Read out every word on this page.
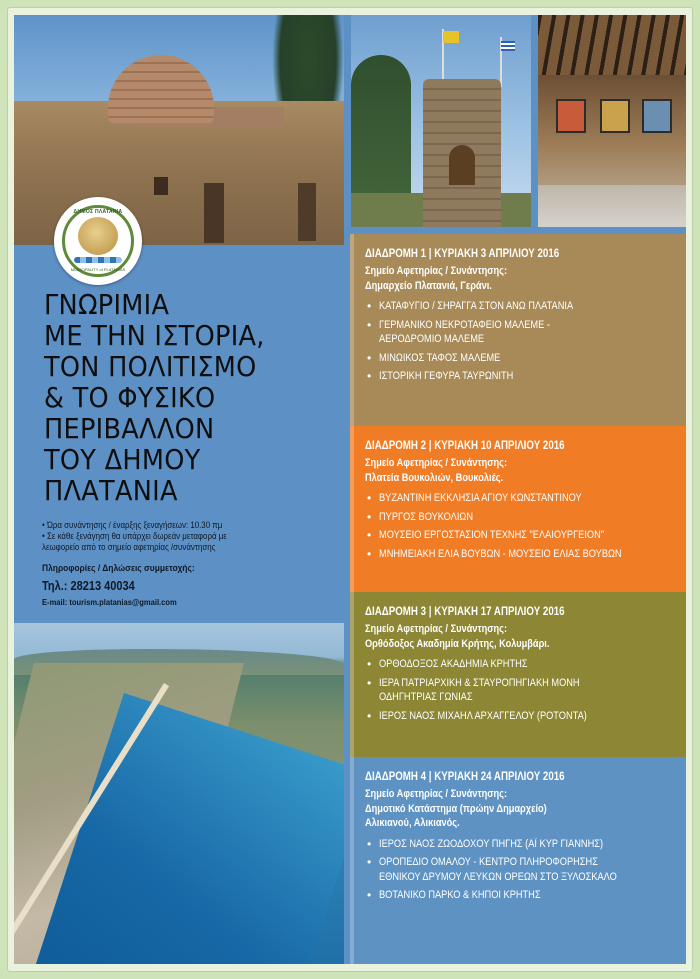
ΔΗΜΟΣ ΠΛΑΤΑΝΙΑ
MUNICIPALITY of PLATANIAS
ΓΝΩΡΙΜΙΑ
ΜΕ ΤΗΝ ΙΣΤΟΡΙΑ,
ΤΟΝ ΠΟΛΙΤΙΣΜΟ
& ΤΟ ΦΥΣΙΚΟ
ΠΕΡΙΒΑΛΛΟΝ
ΤΟΥ ΔΗΜΟΥ
ΠΛΑΤΑΝΙΑ
• Ώρα συνάντησης / έναρξης ξεναγήσεων: 10.30 πμ
• Σε κάθε ξενάγηση θα υπάρχει δωρεάν μεταφορά με
λεωφορείο από το σημείο αφετηρίας /συνάντησης
Πληροφορίες / Δηλώσεις συμμετοχής:
Τηλ.: 28213 40034
E-mail: tourism.platanias@gmail.com
ΔΙΑΔΡΟΜΗ 1 | ΚΥΡΙΑΚΗ 3 ΑΠΡΙΛΙΟΥ 2016
Σημείο Αφετηρίας / Συνάντησης:
Δημαρχείο Πλατανιά, Γεράνι.
• ΚΑΤΑΦΥΓΙΟ / ΣΗΡΑΓΓΑ ΣΤΟΝ ΑΝΩ ΠΛΑΤΑΝΙΑ
• ΓΕΡΜΑΝΙΚΟ ΝΕΚΡΟΤΑΦΕΙΟ ΜΑΛΕΜΕ -
ΑΕΡΟΔΡΟΜΙΟ ΜΑΛΕΜΕ
• ΜΙΝΩΙΚΟΣ ΤΑΦΟΣ ΜΑΛΕΜΕ
• ΙΣΤΟΡΙΚΗ ΓΕΦΥΡΑ ΤΑΥΡΩΝΙΤΗ
ΔΙΑΔΡΟΜΗ 2 | ΚΥΡΙΑΚΗ 10 ΑΠΡΙΛΙΟΥ 2016
Σημείο Αφετηρίας / Συνάντησης:
Πλατεία Βουκολιών, Βουκολιές.
• ΒΥΖΑΝΤΙΝΗ ΕΚΚΛΗΣΙΑ ΑΓΙΟΥ ΚΩΝΣΤΑΝΤΙΝΟΥ
• ΠΥΡΓΟΣ ΒΟΥΚΟΛΙΩΝ
• ΜΟΥΣΕΙΟ ΕΡΓΟΣΤΑΣΙΟΝ ΤΕΧΝΗΣ "ΕΛΑΙΟΥΡΓΕΙΟΝ"
• ΜΝΗΜΕΙΑΚΗ ΕΛΙΑ ΒΟΥΒΩΝ - ΜΟΥΣΕΙΟ ΕΛΙΑΣ ΒΟΥΒΩΝ
ΔΙΑΔΡΟΜΗ 3 | ΚΥΡΙΑΚΗ 17 ΑΠΡΙΛΙΟΥ 2016
Σημείο Αφετηρίας / Συνάντησης:
Ορθόδοξος Ακαδημία Κρήτης, Κολυμβάρι.
• ΟΡΘΟΔΟΞΟΣ ΑΚΑΔΗΜΙΑ ΚΡΗΤΗΣ
• ΙΕΡΑ ΠΑΤΡΙΑΡΧΙΚΗ & ΣΤΑΥΡΟΠΗΓΙΑΚΗ ΜΟΝΗ
ΟΔΗΓΗΤΡΙΑΣ ΓΩΝΙΑΣ
• ΙΕΡΟΣ ΝΑΟΣ ΜΙΧΑΗΛ ΑΡΧΑΓΓΕΛΟΥ (ΡΟΤΟΝΤΑ)
ΔΙΑΔΡΟΜΗ 4 | ΚΥΡΙΑΚΗ 24 ΑΠΡΙΛΙΟΥ 2016
Σημείο Αφετηρίας / Συνάντησης:
Δημοτικό Κατάστημα (πρώην Δημαρχείο)
Αλικιανού, Αλικιανός.
• ΙΕΡΟΣ ΝΑΟΣ ΖΩΟΔΟΧΟΥ ΠΗΓΗΣ (ΑΪ ΚΥΡ ΓΙΑΝΝΗΣ)
• ΟΡΟΠΕΔΙΟ ΟΜΑΛΟΥ - ΚΕΝΤΡΟ ΠΛΗΡΟΦΟΡΗΣΗΣ
ΕΘΝΙΚΟΥ ΔΡΥΜΟΥ ΛΕΥΚΩΝ ΟΡΕΩΝ ΣΤΟ ΞΥΛΟΣΚΑΛΟ
• ΒΟΤΑΝΙΚΟ ΠΑΡΚΟ & ΚΗΠΟΙ ΚΡΗΤΗΣ
